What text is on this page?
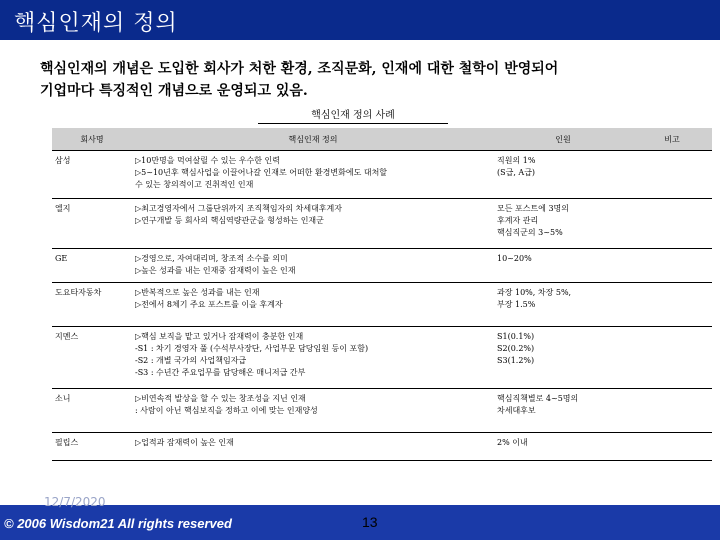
핵심인재의 정의
핵심인재의 개념은 도입한 회사가 처한 환경, 조직문화, 인재에 대한 철학이 반영되어
기업마다 특징적인 개념으로 운영되고 있음.
핵심인재 정의 사례
회사명	핵심인재 정의	인원	비고
삼성	▷10만명을 먹여살릴 수 있는 우수한 인력
▷5~10년후 핵심사업을 이끌어나갈 인재로 어떠한 환경변화에도 대처할
수 있는 창의적이고 진취적인 인재	직원의 1%
(S급, A급)	

엘지	▷최고경영자에서 그룹단위까지 조직책임자의 차세대후계자
▷연구개발 등 회사의 핵심역량관군을 형성하는 인재군	모든 포스트에 3명의
후계자 관리
핵심직군의 3~5%	

GE	▷경영으로, 자여대리며, 창조적 소수를 의미
▷높은 성과를 내는 인재중 잠재력이 높은 인재	10~20%	

도요타자동차	▷반복적으로 높은 성과를 내는 인재
▷전에서 8체기 주요 포스트를 이을 후계자	과장 10%, 차장 5%,
부장 1.5%	

지멘스	▷핵심 보직을 맡고 있거나 잠재력이 충분한 인재
-S1 : 차기 경영자 풀 (수석부사장단, 사업부문 담당임원 등이 포함)
-S2 : 개별 국가의 사업책임자급
-S3 : 수년간 주요업무를 담당해온 매니저급 간부	S1(0.1%)
S2(0.2%)
S3(1.2%)	

소니	▷비연속적 발상을 할 수 있는 창조성을 지닌 인재
: 사람이 아닌 핵심보직을 정하고 이에 맞는 인재양성	핵심직책별로 4~5명의
차세대후보	

필립스	▷업적과 잠재력이 높은 인재	2% 이내	

12/7/2020
© 2006 Wisdom21 All rights reserved	13
